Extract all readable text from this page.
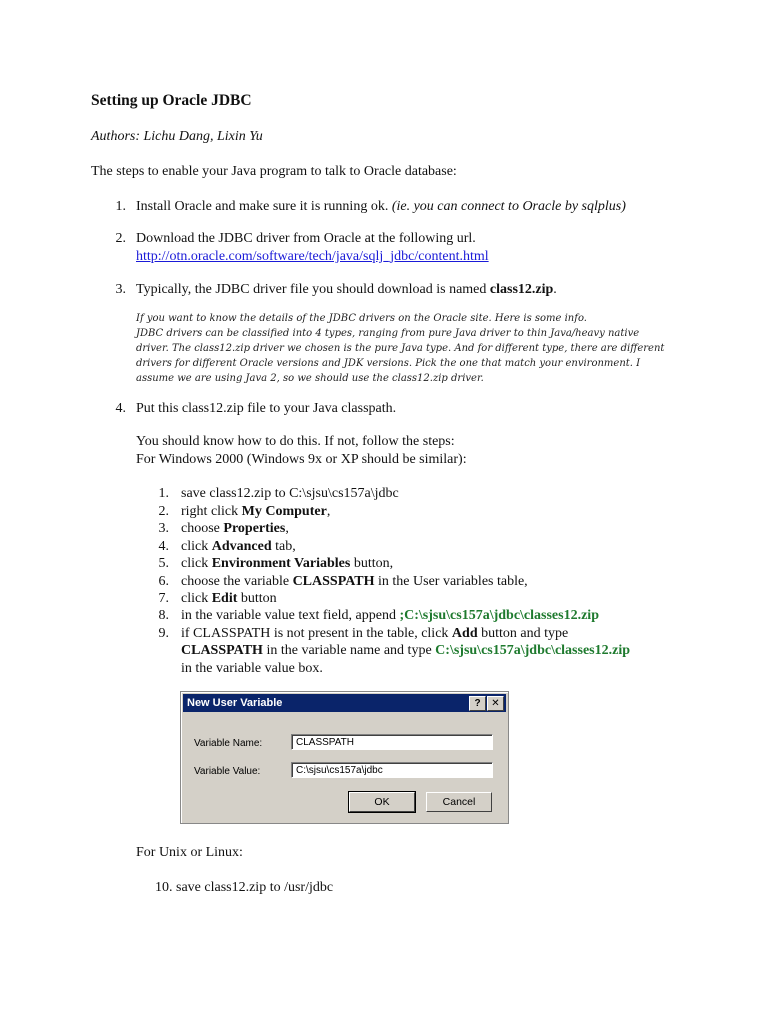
Setting up Oracle JDBC
Authors: Lichu Dang, Lixin Yu
The steps to enable your Java program to talk to Oracle database:
1. Install Oracle and make sure it is running ok. (ie. you can connect to Oracle by sqlplus)
2. Download the JDBC driver from Oracle at the following url.
http://otn.oracle.com/software/tech/java/sqlj_jdbc/content.html
3. Typically, the JDBC driver file you should download is named class12.zip.
If you want to know the details of the JDBC drivers on the Oracle site. Here is some info.
JDBC drivers can be classified into 4 types, ranging from pure Java driver to thin Java/heavy native
driver. The class12.zip driver we chosen is the pure Java type. And for different type, there are different
drivers for different Oracle versions and JDK versions. Pick the one that match your environment. I
assume we are using Java 2, so we should use the class12.zip driver.
4. Put this class12.zip file to your Java classpath.
You should know how to do this. If not, follow the steps:
For Windows 2000 (Windows 9x or XP should be similar):
1. save class12.zip to C:\sjsu\cs157a\jdbc
2. right click My Computer,
3. choose Properties,
4. click Advanced tab,
5. click Environment Variables button,
6. choose the variable CLASSPATH in the User variables table,
7. click Edit button
8. in the variable value text field, append ;C:\sjsu\cs157a\jdbc\classes12.zip
9. if CLASSPATH is not present in the table, click Add button and type
CLASSPATH in the variable name and type C:\sjsu\cs157a\jdbc\classes12.zip
in the variable value box.
New User Variable	?	✕
Variable Name:	CLASSPATH
Variable Value:	C:\sjsu\cs157a\jdbc
OK	Cancel
For Unix or Linux:
10. save class12.zip to /usr/jdbc
